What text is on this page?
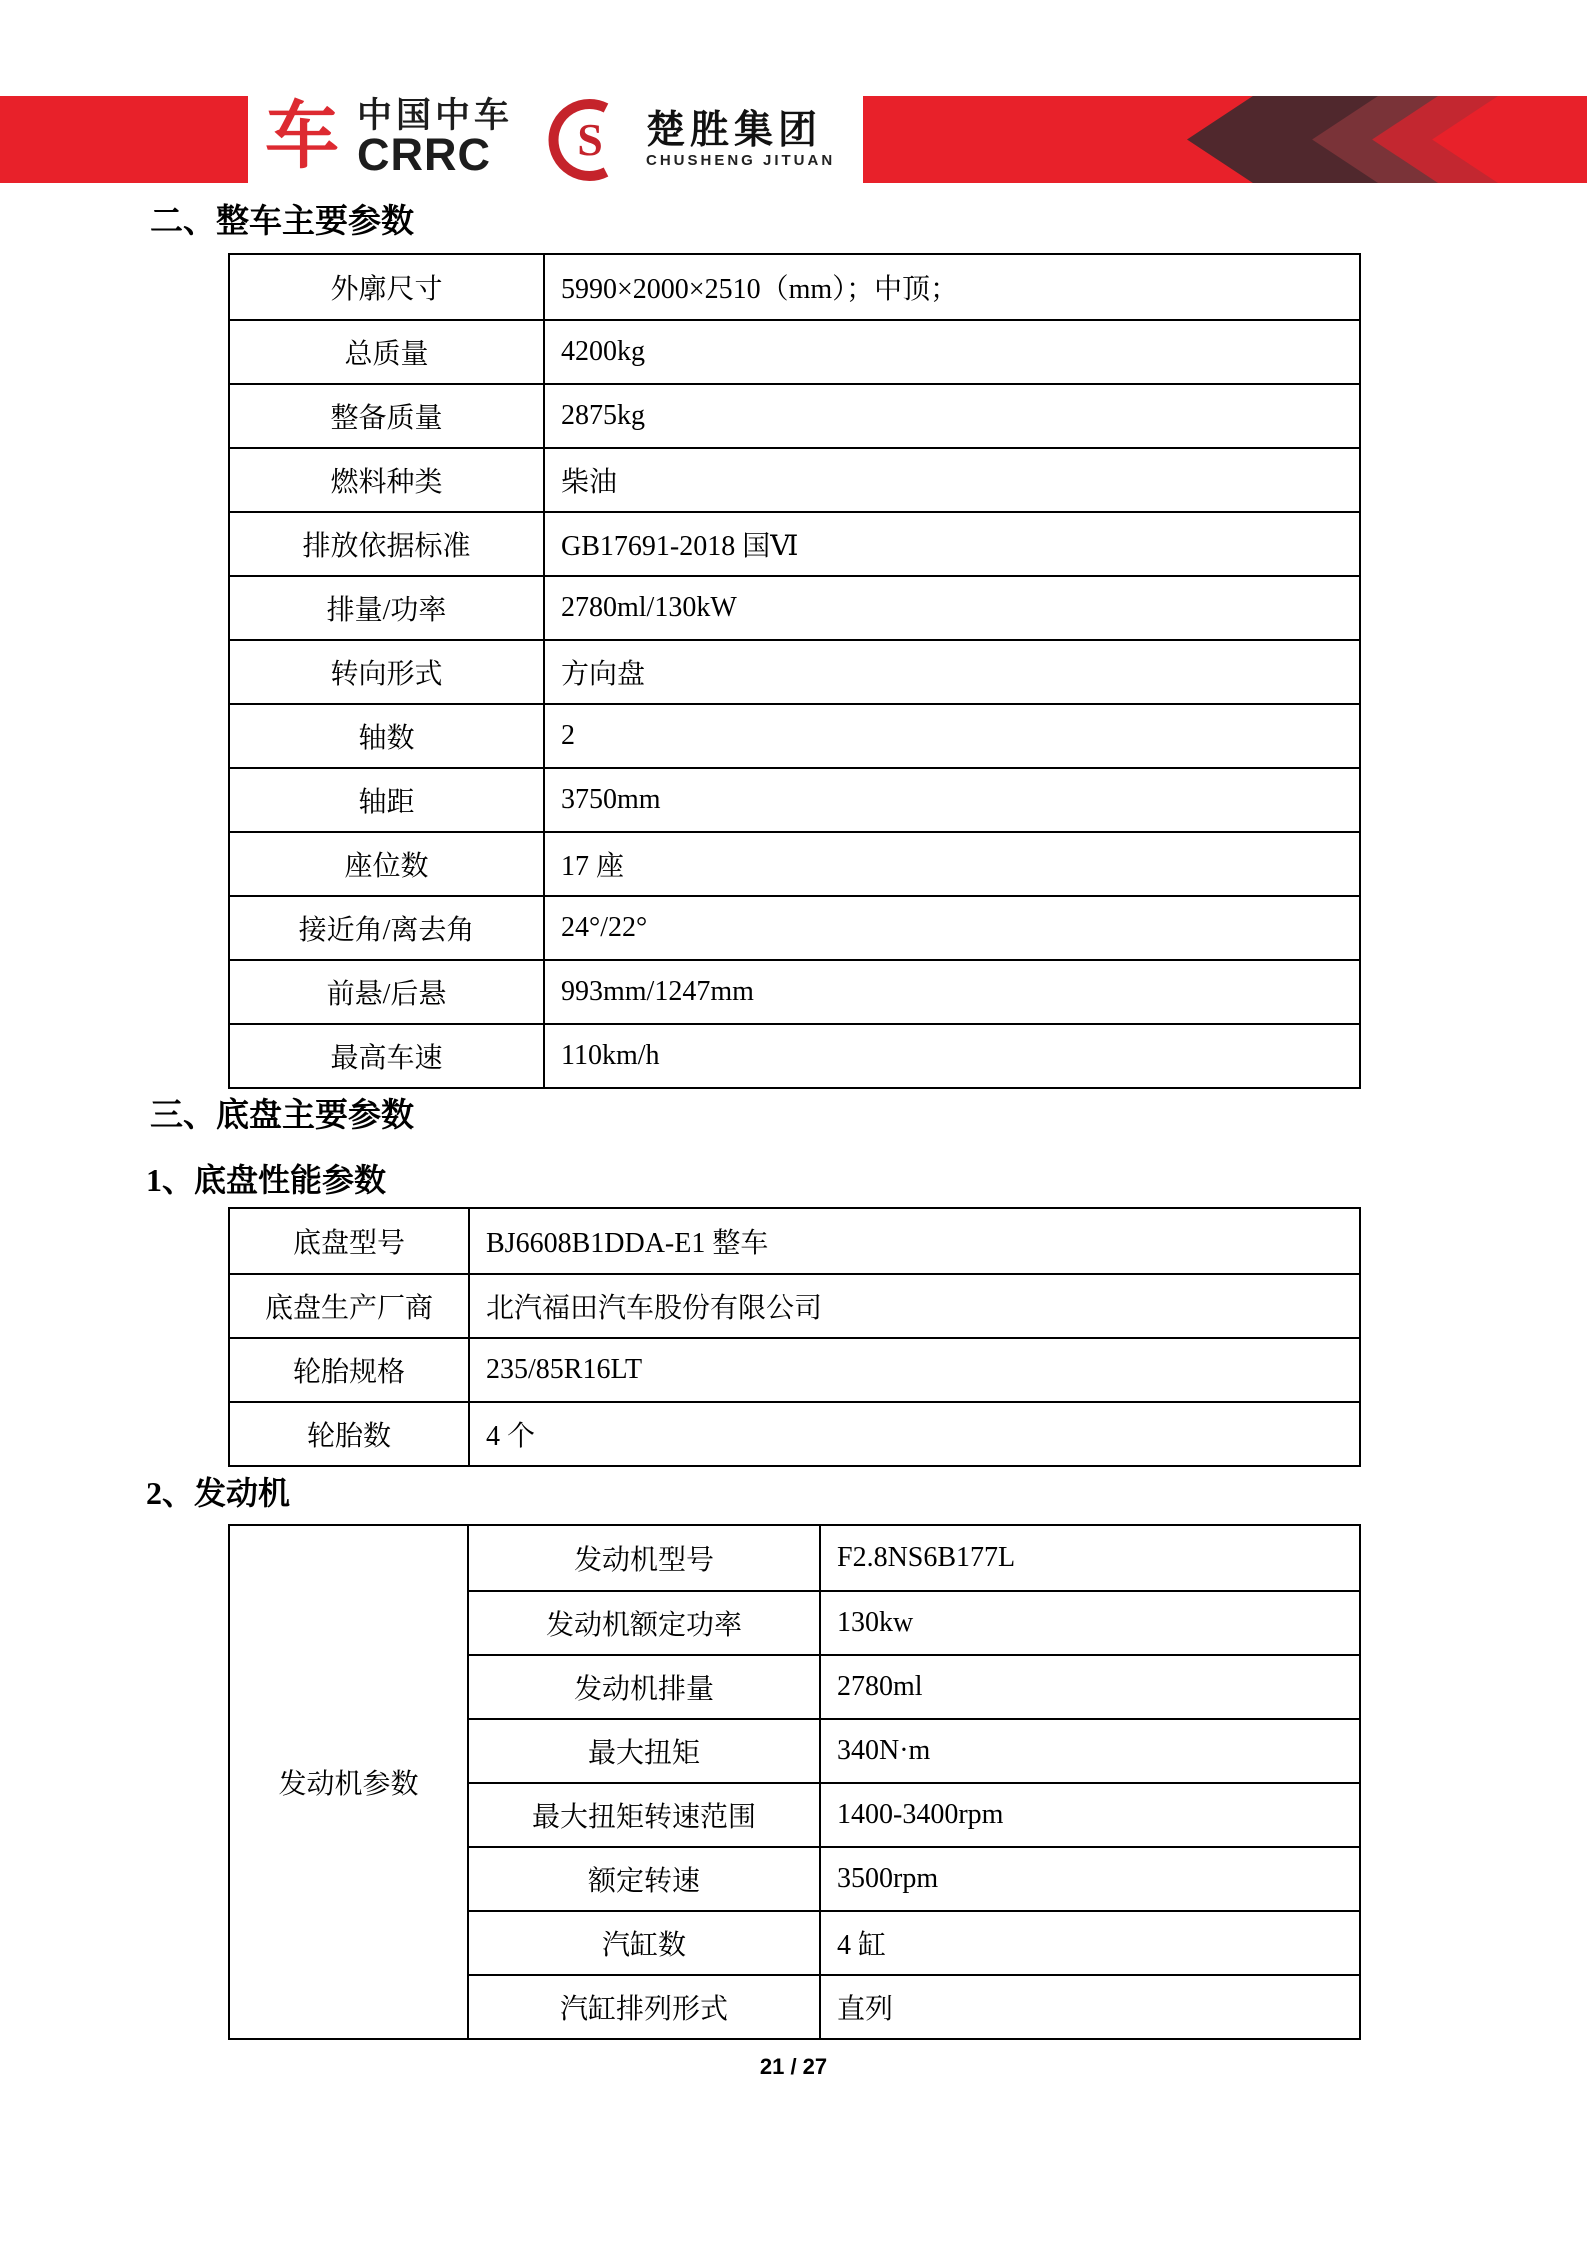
车 中国中车
CRRC	S 楚胜集团
CHUSHENG JITUAN
二、整车主要参数
外廓尺寸	5990×2000×2510（mm）；中顶；
总质量	4200kg
整备质量	2875kg
燃料种类	柴油
排放依据标准	GB17691-2018 国Ⅵ
排量/功率	2780ml/130kW
转向形式	方向盘
轴数	2
轴距	3750mm
座位数	17 座
接近角/离去角	24°/22°
前悬/后悬	993mm/1247mm
最高车速	110km/h
三、底盘主要参数
1、底盘性能参数
底盘型号	BJ6608B1DDA-E1 整车
底盘生产厂商	北汽福田汽车股份有限公司
轮胎规格	235/85R16LT
轮胎数	4 个
2、发动机
发动机参数
发动机型号	F2.8NS6B177L
发动机额定功率	130kw
发动机排量	2780ml
最大扭矩	340N·m
最大扭矩转速范围	1400-3400rpm
额定转速	3500rpm
汽缸数	4 缸
汽缸排列形式	直列
21 / 27
